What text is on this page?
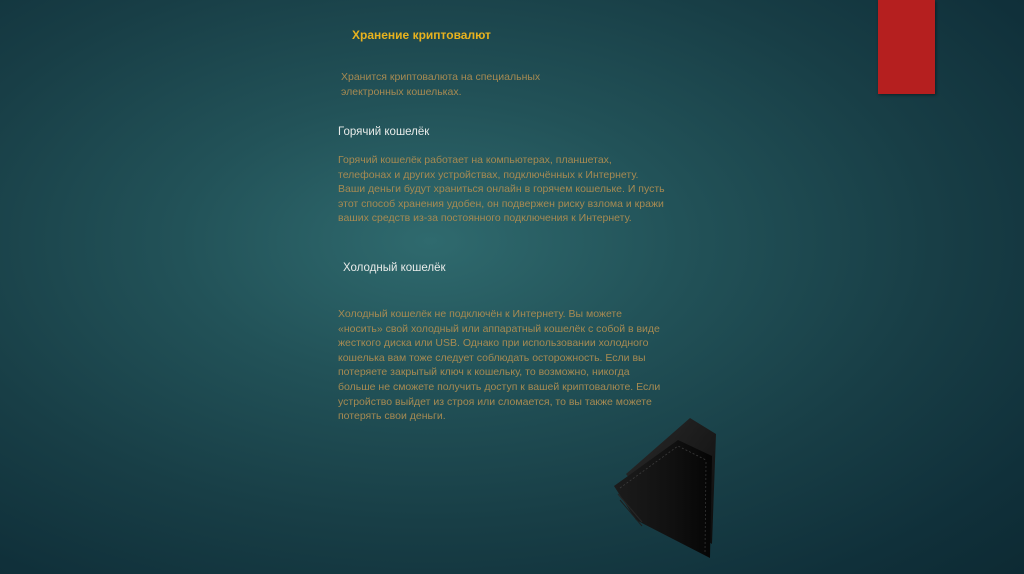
Хранение криптовалют

Хранится криптовалюта на специальных электронных кошельках.

Горячий кошелёк

Горячий кошелёк работает на компьютерах, планшетах, телефонах и других устройствах, подключённых к Интернету. Ваши деньги будут храниться онлайн в горячем кошельке. И пусть этот способ хранения удобен, он подвержен риску взлома и кражи ваших средств из-за постоянного подключения к Интернету.

Холодный кошелёк

Холодный кошелёк не подключён к Интернету. Вы можете «носить» свой холодный или аппаратный кошелёк с собой в виде жесткого диска или USB. Однако при использовании холодного кошелька вам тоже следует соблюдать осторожность. Если вы потеряете закрытый ключ к кошельку, то возможно, никогда больше не сможете получить доступ к вашей криптовалюте. Если устройство выйдет из строя или сломается, то вы также можете потерять свои деньги.
